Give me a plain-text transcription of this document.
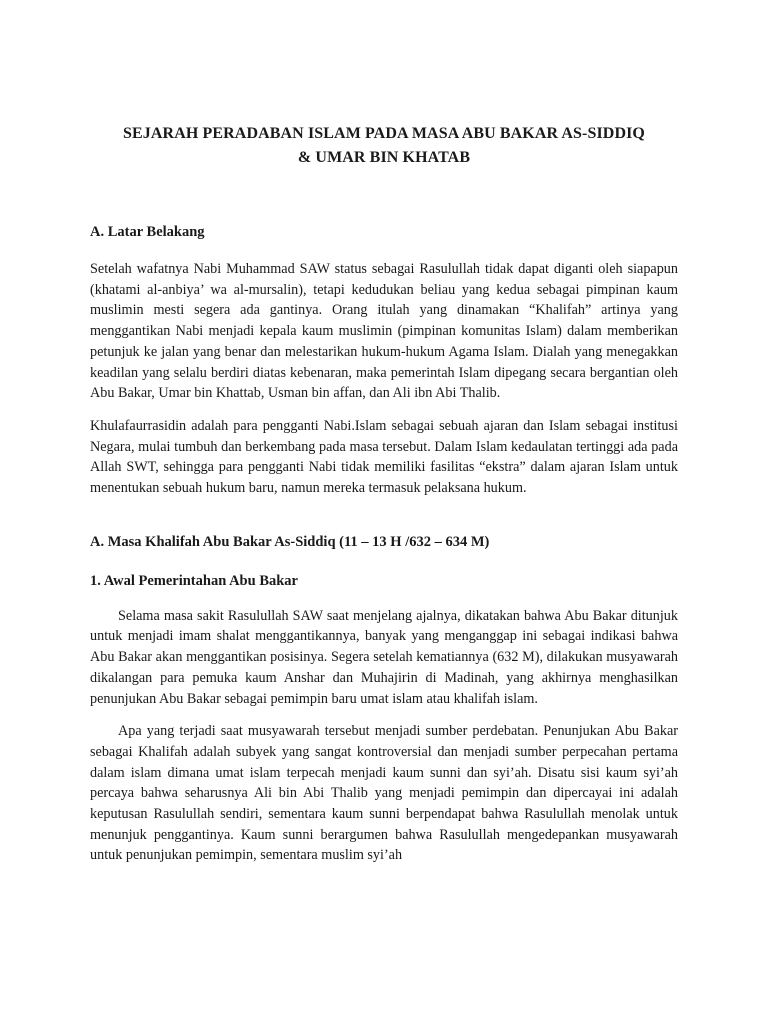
SEJARAH PERADABAN ISLAM PADA MASA ABU BAKAR AS-SIDDIQ
& UMAR BIN KHATAB

A. Latar Belakang

Setelah wafatnya Nabi Muhammad SAW status sebagai Rasulullah tidak dapat diganti oleh siapapun (khatami al-anbiya’ wa al-mursalin), tetapi kedudukan beliau yang kedua sebagai pimpinan kaum muslimin mesti segera ada gantinya. Orang itulah yang dinamakan “Khalifah” artinya yang menggantikan Nabi menjadi kepala kaum muslimin (pimpinan komunitas Islam) dalam memberikan petunjuk ke jalan yang benar dan melestarikan hukum-hukum Agama Islam. Dialah yang menegakkan keadilan yang selalu berdiri diatas kebenaran, maka pemerintah Islam dipegang secara bergantian oleh Abu Bakar, Umar bin Khattab, Usman bin affan, dan Ali ibn Abi Thalib.

Khulafaurrasidin adalah para pengganti Nabi.Islam sebagai sebuah ajaran dan Islam sebagai institusi Negara, mulai tumbuh dan berkembang pada masa tersebut. Dalam Islam kedaulatan tertinggi ada pada Allah SWT, sehingga para pengganti Nabi tidak memiliki fasilitas “ekstra” dalam ajaran Islam untuk menentukan sebuah hukum baru, namun mereka termasuk pelaksana hukum.

A. Masa Khalifah Abu Bakar As-Siddiq (11 – 13 H /632 – 634 M)

1. Awal Pemerintahan Abu Bakar

Selama masa sakit Rasulullah SAW saat menjelang ajalnya, dikatakan bahwa Abu Bakar ditunjuk untuk menjadi imam shalat menggantikannya, banyak yang menganggap ini sebagai indikasi bahwa Abu Bakar akan menggantikan posisinya. Segera setelah kematiannya (632 M), dilakukan musyawarah dikalangan para pemuka kaum Anshar dan Muhajirin di Madinah, yang akhirnya menghasilkan penunjukan Abu Bakar sebagai pemimpin baru umat islam atau khalifah islam.

Apa yang terjadi saat musyawarah tersebut menjadi sumber perdebatan. Penunjukan Abu Bakar sebagai Khalifah adalah subyek yang sangat kontroversial dan menjadi sumber perpecahan pertama dalam islam dimana umat islam terpecah menjadi kaum sunni dan syi’ah. Disatu sisi kaum syi’ah percaya bahwa seharusnya Ali bin Abi Thalib yang menjadi pemimpin dan dipercayai ini adalah keputusan Rasulullah sendiri, sementara kaum sunni berpendapat bahwa Rasulullah menolak untuk menunjuk penggantinya. Kaum sunni berargumen bahwa Rasulullah mengedepankan musyawarah untuk penunjukan pemimpin, sementara muslim syi’ah
